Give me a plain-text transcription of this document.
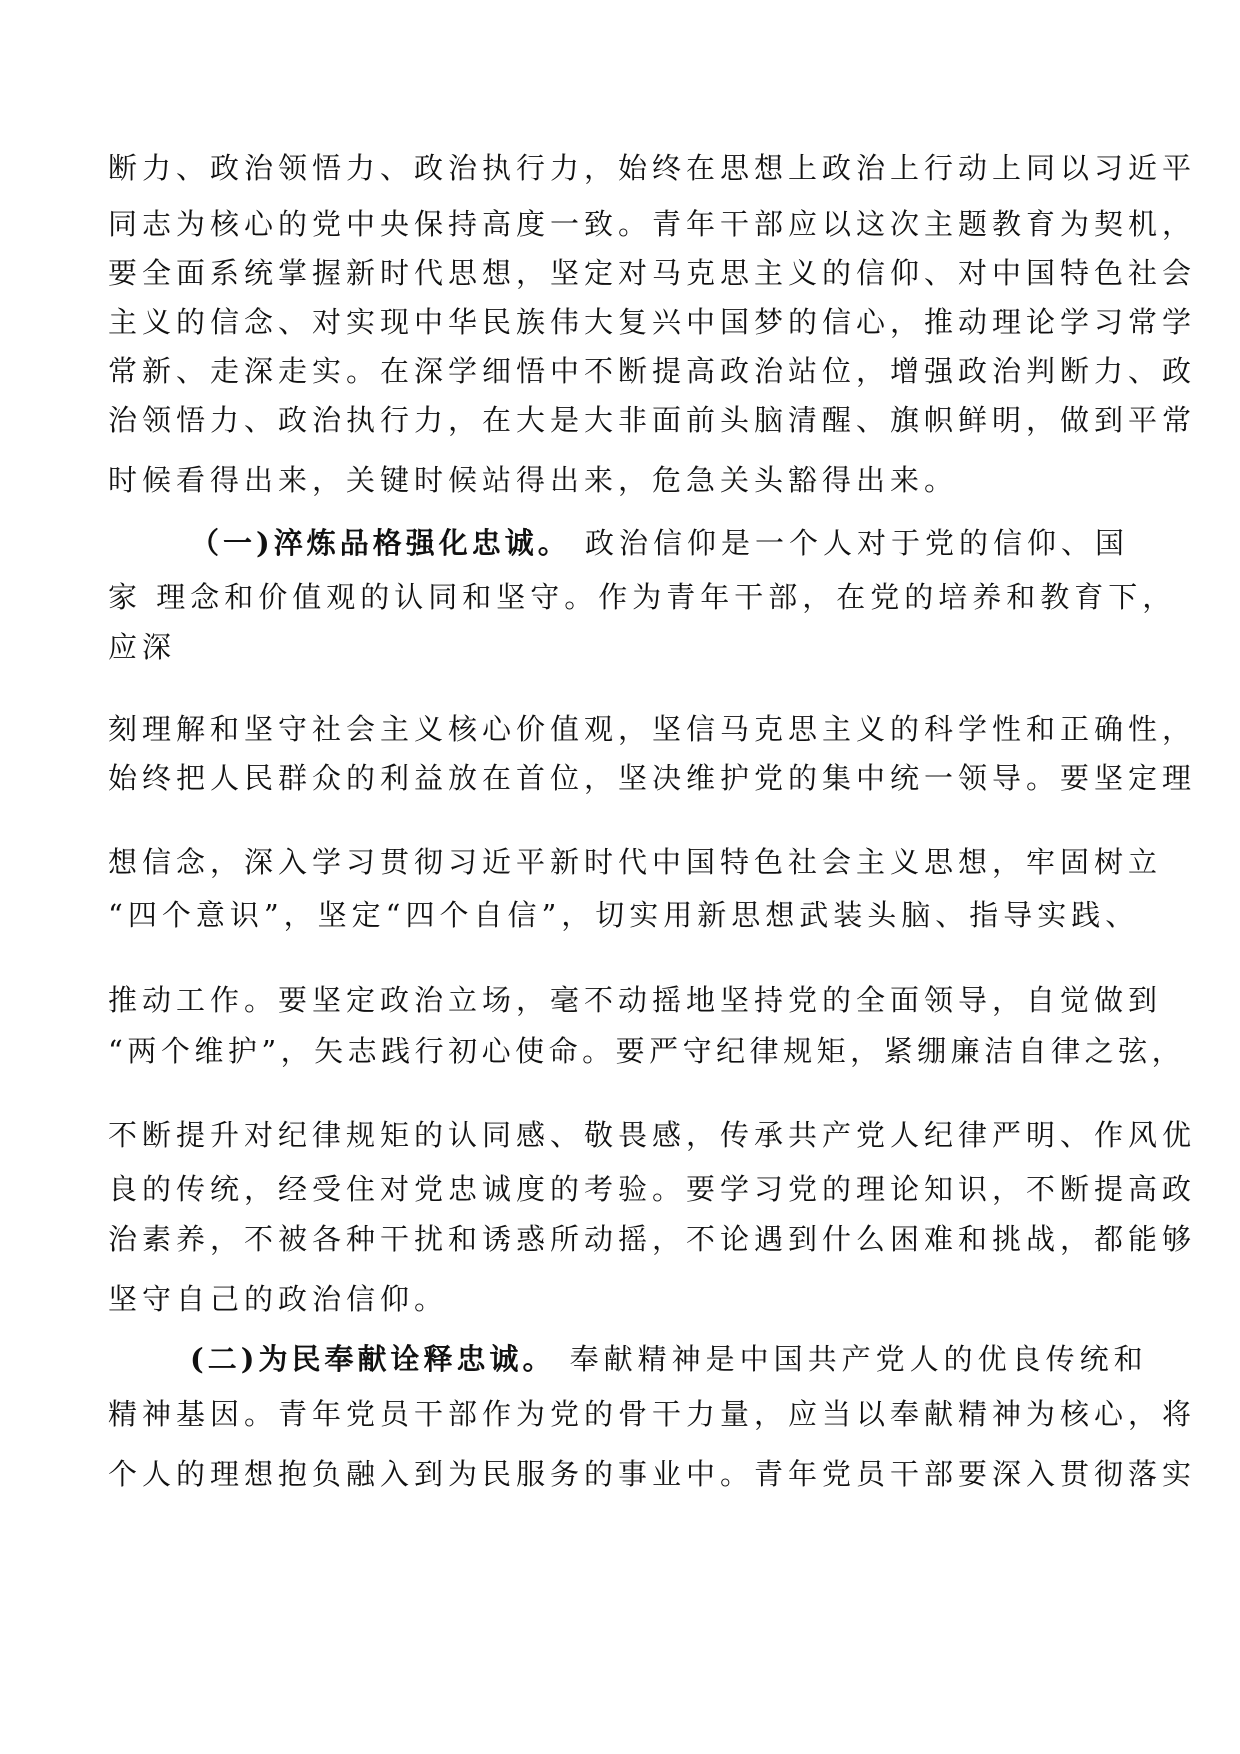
断力、政治领悟力、政治执行力，始终在思想上政治上行动上同以习近平
同志为核心的党中央保持高度一致。青年干部应以这次主题教育为契机，
要全面系统掌握新时代思想，坚定对马克思主义的信仰、对中国特色社会
主义的信念、对实现中华民族伟大复兴中国梦的信心，推动理论学习常学
常新、走深走实。在深学细悟中不断提高政治站位，增强政治判断力、政
治领悟力、政治执行力，在大是大非面前头脑清醒、旗帜鲜明，做到平常
时候看得出来，关键时候站得出来，危急关头豁得出来。
（一)淬炼品格强化忠诚。 政治信仰是一个人对于党的信仰、国
家 理念和价值观的认同和坚守。作为青年干部，在党的培养和教育下，
应深
刻理解和坚守社会主义核心价值观，坚信马克思主义的科学性和正确性，
始终把人民群众的利益放在首位，坚决维护党的集中统一领导。要坚定理
想信念，深入学习贯彻习近平新时代中国特色社会主义思想，牢固树立
“四个意识”，坚定“四个自信”，切实用新思想武装头脑、指导实践、
推动工作。要坚定政治立场，毫不动摇地坚持党的全面领导，自觉做到
“两个维护”，矢志践行初心使命。要严守纪律规矩，紧绷廉洁自律之弦，
不断提升对纪律规矩的认同感、敬畏感，传承共产党人纪律严明、作风优
良的传统，经受住对党忠诚度的考验。要学习党的理论知识，不断提高政
治素养，不被各种干扰和诱惑所动摇，不论遇到什么困难和挑战，都能够
坚守自己的政治信仰。
(二)为民奉献诠释忠诚。 奉献精神是中国共产党人的优良传统和
精神基因。青年党员干部作为党的骨干力量，应当以奉献精神为核心，将
个人的理想抱负融入到为民服务的事业中。青年党员干部要深入贯彻落实
